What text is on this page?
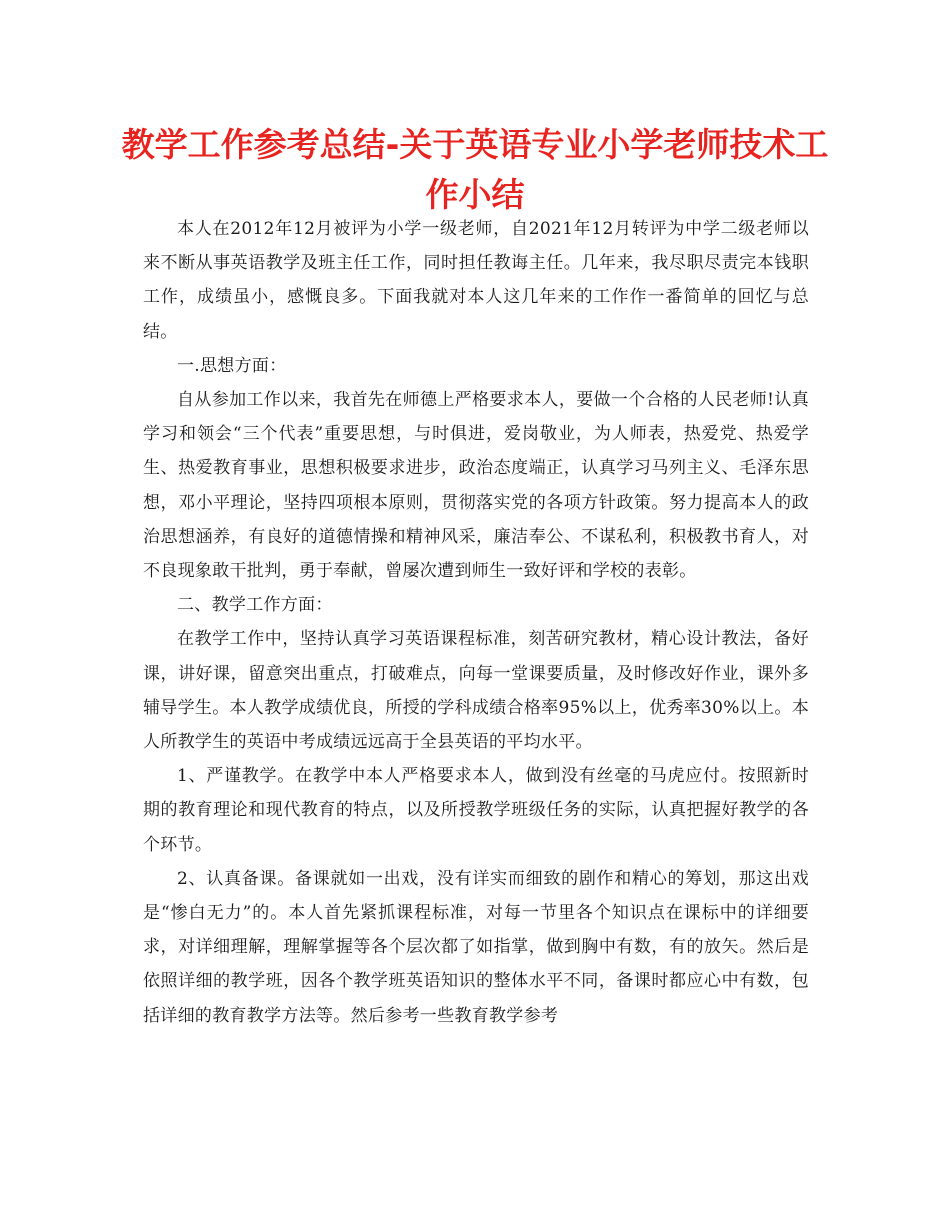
教学工作参考总结-关于英语专业小学老师技术工作小结

本人在2012年12月被评为小学一级老师，自2021年12月转评为中学二级老师以来不断从事英语教学及班主任工作，同时担任教诲主任。几年来，我尽职尽责完本钱职工作，成绩虽小，感慨良多。下面我就对本人这几年来的工作作一番简单的回忆与总结。

一.思想方面：

自从参加工作以来，我首先在师德上严格要求本人，要做一个合格的人民老师!认真学习和领会“三个代表”重要思想，与时俱进，爱岗敬业，为人师表，热爱党、热爱学生、热爱教育事业，思想积极要求进步，政治态度端正，认真学习马列主义、毛泽东思想，邓小平理论，坚持四项根本原则，贯彻落实党的各项方针政策。努力提高本人的政治思想涵养，有良好的道德情操和精神风采，廉洁奉公、不谋私利，积极教书育人，对不良现象敢干批判，勇于奉献，曾屡次遭到师生一致好评和学校的表彰。

二、教学工作方面：

在教学工作中，坚持认真学习英语课程标准，刻苦研究教材，精心设计教法，备好课，讲好课，留意突出重点，打破难点，向每一堂课要质量，及时修改好作业，课外多辅导学生。本人教学成绩优良，所授的学科成绩合格率95%以上，优秀率30%以上。本人所教学生的英语中考成绩远远高于全县英语的平均水平。

1、严谨教学。在教学中本人严格要求本人，做到没有丝毫的马虎应付。按照新时期的教育理论和现代教育的特点，以及所授教学班级任务的实际，认真把握好教学的各个环节。

2、认真备课。备课就如一出戏，没有详实而细致的剧作和精心的筹划，那这出戏是“惨白无力”的。本人首先紧抓课程标准，对每一节里各个知识点在课标中的详细要求，对详细理解，理解掌握等各个层次都了如指掌，做到胸中有数，有的放矢。然后是依照详细的教学班，因各个教学班英语知识的整体水平不同，备课时都应心中有数，包括详细的教育教学方法等。然后参考一些教育教学参考
